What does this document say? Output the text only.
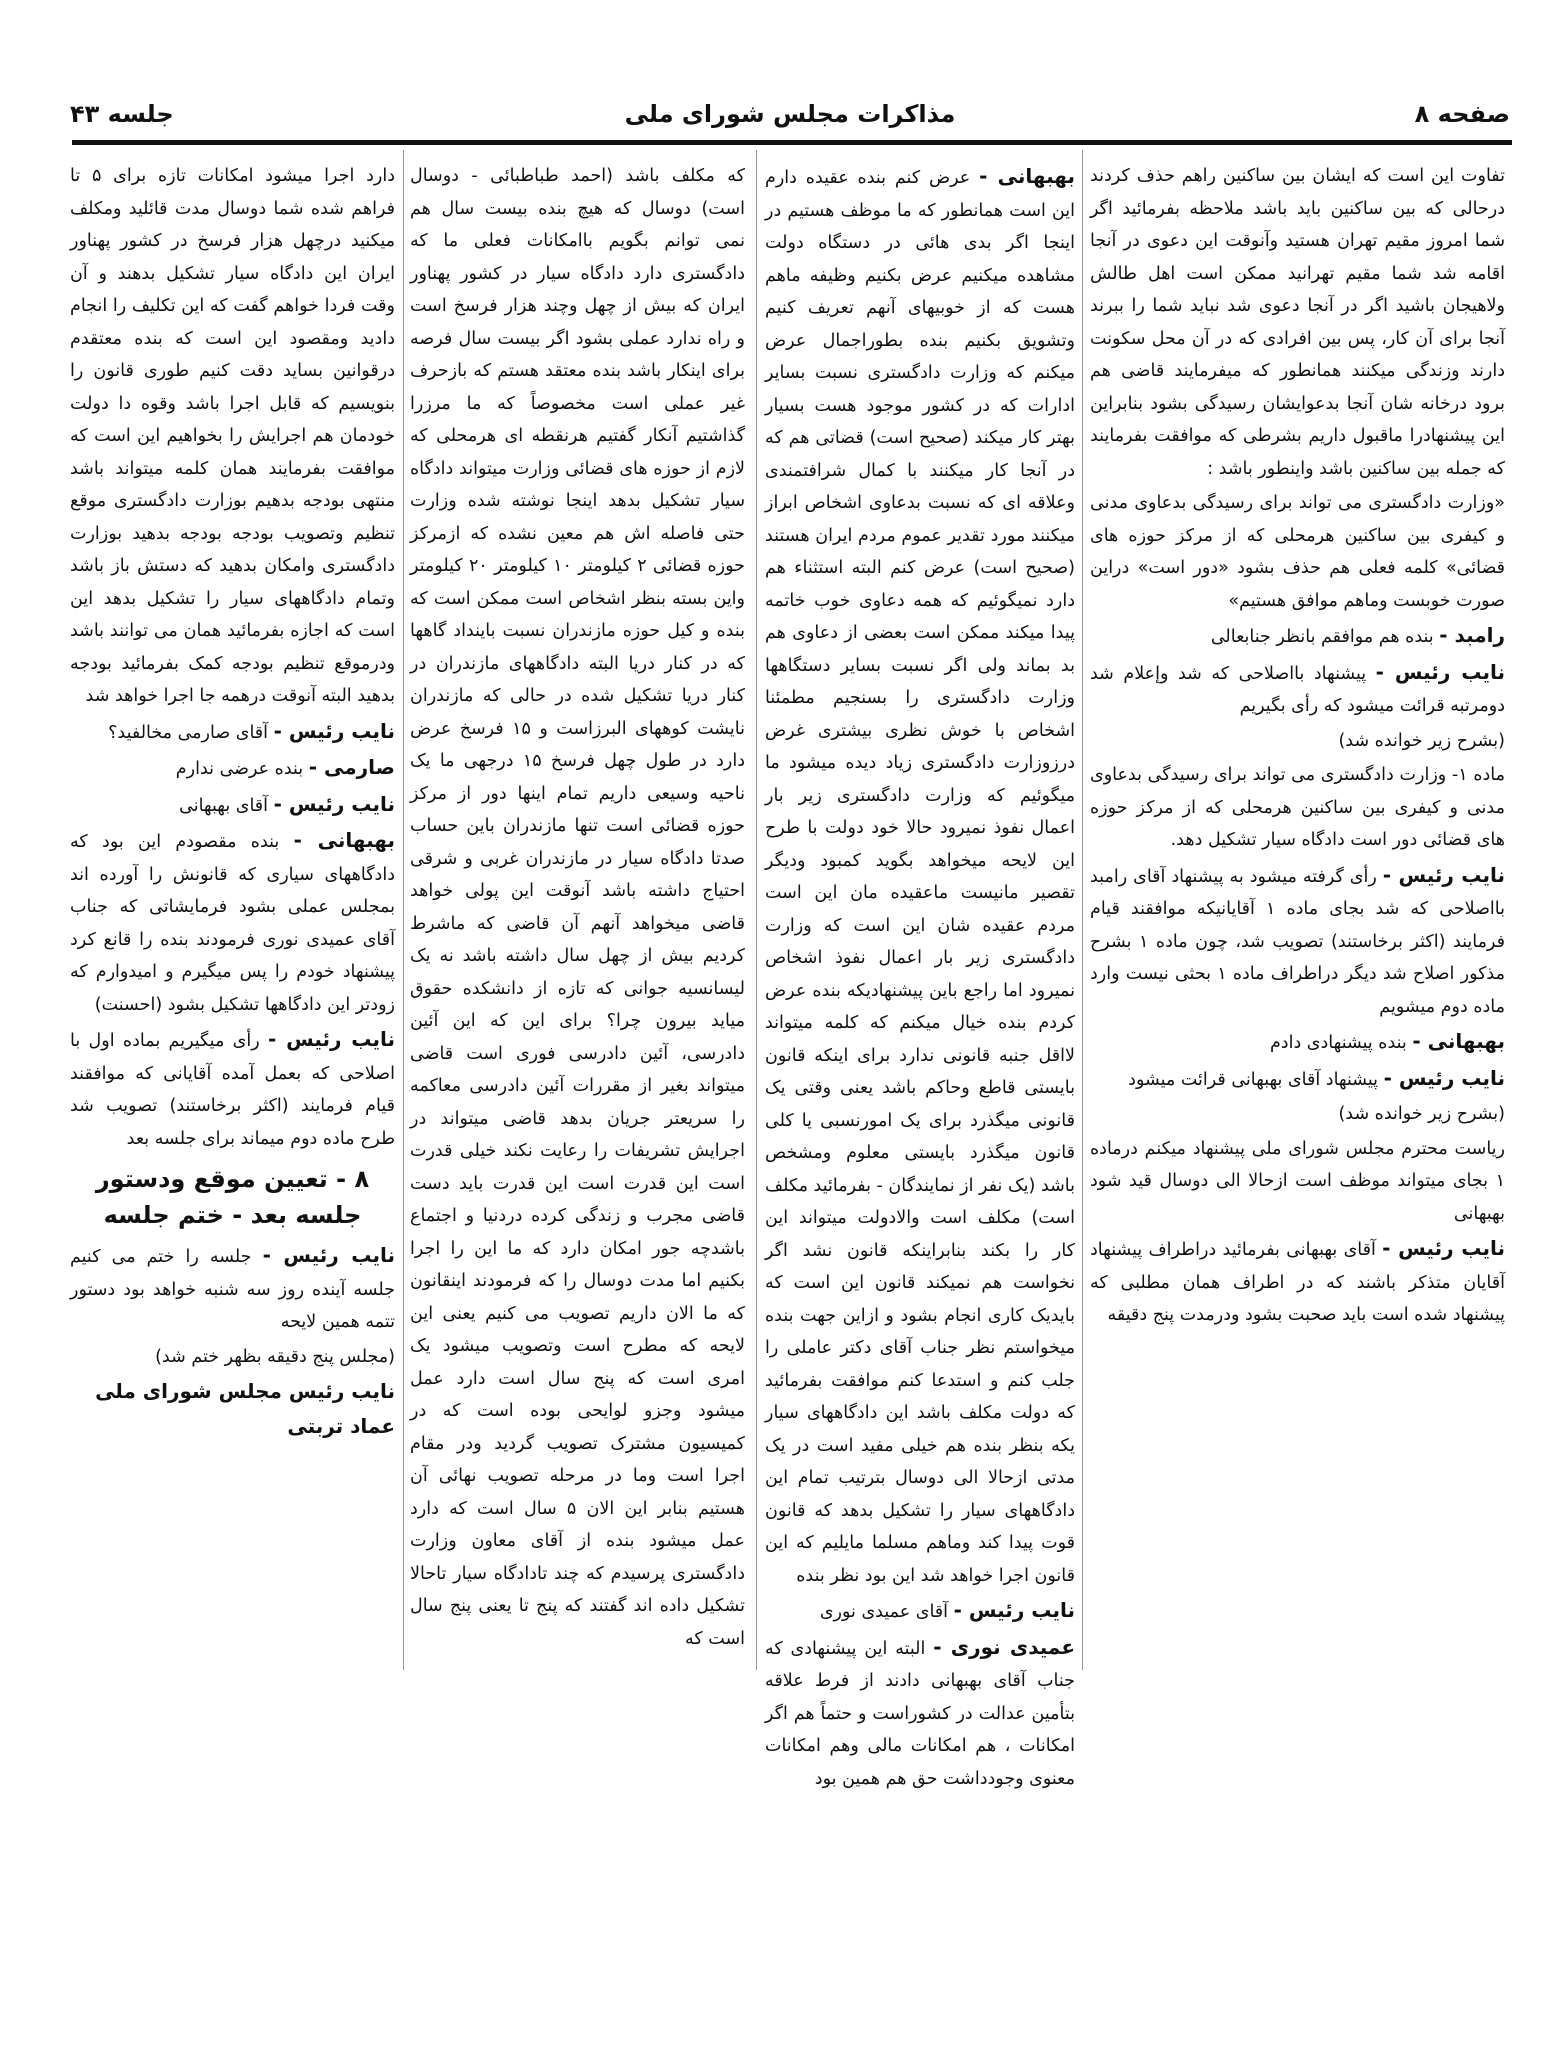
صفحه ۸
مذاکرات مجلس شورای ملی
جلسه ۴۳

تفاوت این است که ایشان بین ساکنین راهم حذف کردند درحالی که بین ساکنین باید باشد ملاحظه بفرمائید اگر شما امروز مقیم تهران هستید وآنوقت این دعوی در آنجا اقامه شد شما مقیم تهرانید ممکن است اهل طالش ولاهیجان باشید اگر در آنجا دعوی شد نباید شما را ببرند آنجا برای آن کار، پس بین افرادی که در آن محل سکونت دارند وزندگی میکنند همانطور که میفرمایند قاضی هم برود درخانه شان آنجا بدعوایشان رسیدگی بشود بنابراین این پیشنهادرا ماقبول داریم بشرطی که موافقت بفرمایند که جمله بین ساکنین باشد واینطور باشد :

«وزارت دادگستری می تواند برای رسیدگی بدعاوی مدنی و کیفری بین ساکنین هرمحلی که از مرکز حوزه های قضائی» کلمه فعلی هم حذف بشود «دور است» دراین صورت خوبست وماهم موافق هستیم»

رامبد - بنده هم موافقم بانظر جنابعالی

نایب رئیس - پیشنهاد بااصلاحی که شد وإعلام شد دومرتبه قرائت میشود که رأی بگیریم

(بشرح زیر خوانده شد)

ماده ۱- وزارت دادگستری می تواند برای رسیدگی بدعاوی مدنی و کیفری بین ساکنین هرمحلی که از مرکز حوزه های قضائی دور است دادگاه سیار تشکیل دهد.

نایب رئیس - رأی گرفته میشود به پیشنهاد آقای رامبد بااصلاحی که شد بجای ماده ۱ آقایانیکه موافقند قیام فرمایند (اکثر برخاستند) تصویب شد، چون ماده ۱ بشرح مذکور اصلاح شد دیگر دراطراف ماده ۱ بحثی نیست وارد ماده دوم میشویم

بهبهانی - بنده پیشنهادی دادم

نایب رئیس - پیشنهاد آقای بهبهانی قرائت میشود

(بشرح زیر خوانده شد)

ریاست محترم مجلس شورای ملی پیشنهاد میکنم درماده ۱ بجای میتواند موظف است ازحالا الی دوسال قید شود بهبهانی

نایب رئیس - آقای بهبهانی بفرمائید دراطراف پیشنهاد آقایان متذکر باشند که در اطراف همان مطلبی که پیشنهاد شده است باید صحبت بشود ودرمدت پنج دقیقه

بهبهانی - عرض کنم بنده عقیده دارم این است همانطور که ما موظف هستیم در اینجا اگر بدی هائی در دستگاه دولت مشاهده میکنیم عرض بکنیم وظیفه ماهم هست که از خوبیهای آنهم تعریف کنیم وتشویق بکنیم بنده بطوراجمال عرض میکنم که وزارت دادگستری نسبت بسایر ادارات که در کشور موجود هست بسیار بهتر کار میکند (صحیح است) قضاتی هم که در آنجا کار میکنند با کمال شرافتمندی وعلاقه ای که نسبت بدعاوی اشخاص ابراز میکنند مورد تقدیر عموم مردم ایران هستند (صحیح است) عرض کنم البته استثناء هم دارد نمیگوئیم که همه دعاوی خوب خاتمه پیدا میکند ممکن است بعضی از دعاوی هم بد بماند ولی اگر نسبت بسایر دستگاهها وزارت دادگستری را بسنجیم مطمئنا اشخاص با خوش نظری بیشتری غرض درزوزارت دادگستری زیاد دیده میشود ما میگوئیم که وزارت دادگستری زیر بار اعمال نفوذ نمیرود حالا خود دولت با طرح این لایحه میخواهد بگوید کمبود ودیگر تقصیر مانیست ماعقیده مان این است مردم عقیده شان این است که وزارت دادگستری زیر بار اعمال نفوذ اشخاص نمیرود اما راجع باین پیشنهادیکه بنده عرض کردم بنده خیال میکنم که کلمه میتواند لااقل جنبه قانونی ندارد برای اینکه قانون بایستی قاطع وحاکم باشد یعنی وقتی یک قانونی میگذرد برای یک امورنسبی یا کلی قانون میگذرد بایستی معلوم ومشخص باشد (یک نفر از نمایندگان - بفرمائید مکلف است) مکلف است والادولت میتواند این کار را بکند بنابراینکه قانون نشد اگر نخواست هم نمیکند قانون این است که بایدیک کاری انجام بشود و ازاین جهت بنده میخواستم نظر جناب آقای دکتر عاملی را جلب کنم و استدعا کنم موافقت بفرمائید که دولت مکلف باشد این دادگاههای سیار یکه بنظر بنده هم خیلی مفید است در یک مدتی ازحالا الی دوسال بترتیب تمام این دادگاههای سیار را تشکیل بدهد که قانون قوت پیدا کند وماهم مسلما مایلیم که این قانون اجرا خواهد شد این بود نظر بنده

نایب رئیس - آقای عمیدی نوری

عمیدی نوری - البته این پیشنهادی که جناب آقای بهبهانی دادند از فرط علاقه بتأمین عدالت در کشوراست و حتماً هم اگر امکانات ، هم امکانات مالی وهم امکانات معنوی وجودداشت حق هم همین بود

که مکلف باشد (احمد طباطبائی - دوسال است) دوسال که هیچ بنده بیست سال هم نمی توانم بگویم باامکانات فعلی ما که دادگستری دارد دادگاه سیار در کشور پهناور ایران که بیش از چهل وچند هزار فرسخ است و راه ندارد عملی بشود اگر بیست سال فرصه برای اینکار باشد بنده معتقد هستم که بازحرف غیر عملی است مخصوصاً که ما مرزرا گذاشتیم آنکار گفتیم هرنقطه ای هرمحلی که لازم از حوزه های قضائی وزارت میتواند دادگاه سیار تشکیل بدهد اینجا نوشته شده وزارت حتی فاصله اش هم معین نشده که ازمرکز حوزه قضائی ۲ کیلومتر ۱۰ کیلومتر ۲۰ کیلومتر واین بسته بنظر اشخاص است ممکن است که بنده و کیل حوزه مازندران نسبت باینداد گاهها که در کنار دریا البته دادگاههای مازندران در کنار دریا تشکیل شده در حالی که مازندران نایشت کوههای البرزاست و ۱۵ فرسخ عرض دارد در طول چهل فرسخ ۱۵ درجهی ما یک ناحیه وسیعی داریم تمام اینها دور از مرکز حوزه قضائی است تنها مازندران باین حساب صدتا دادگاه سیار در مازندران غربی و شرقی احتیاج داشته باشد آنوقت این پولی خواهد قاضی میخواهد آنهم آن قاضی که ماشرط کردیم بیش از چهل سال داشته باشد نه یک لیسانسیه جوانی که تازه از دانشکده حقوق میاید بیرون چرا؟ برای این که این آئین دادرسی، آئین دادرسی فوری است قاضی میتواند بغیر از مقررات آئین دادرسی معاکمه را سریعتر جریان بدهد قاضی میتواند در اجرایش تشریفات را رعایت نکند خیلی قدرت است این قدرت است این قدرت باید دست قاضی مجرب و زندگی کرده دردنیا و اجتماع باشدچه جور امکان دارد که ما این را اجرا بکنیم اما مدت دوسال را که فرمودند اینقانون که ما الان داریم تصویب می کنیم یعنی این لایحه که مطرح است وتصویب میشود یک امری است که پنج سال است دارد عمل میشود وجزو لوایحی بوده است که در کمیسیون مشترک تصویب گردید ودر مقام اجرا است وما در مرحله تصویب نهائی آن هستیم بنابر این الان ۵ سال است که دارد عمل میشود بنده از آقای معاون وزارت دادگستری پرسیدم که چند تادادگاه سیار تاحالا تشکیل داده اند گفتند که پنج تا یعنی پنج سال است که

دارد اجرا میشود امکانات تازه برای ۵ تا فراهم شده شما دوسال مدت قائلید ومکلف میکنید درچهل هزار فرسخ در کشور پهناور ایران این دادگاه سیار تشکیل بدهند و آن وقت فردا خواهم گفت که این تکلیف را انجام دادید ومقصود این است که بنده معتقدم درقوانین بساید دقت کنیم طوری قانون را بنویسیم که قابل اجرا باشد وقوه دا دولت خودمان هم اجرایش را بخواهیم این است که موافقت بفرمایند همان کلمه میتواند باشد منتهی بودجه بدهیم بوزارت دادگستری موقع تنظیم وتصویب بودجه بودجه بدهید بوزارت دادگستری وامکان بدهید که دستش باز باشد وتمام دادگاههای سیار را تشکیل بدهد این است که اجازه بفرمائید همان می توانند باشد ودرموقع تنظیم بودجه کمک بفرمائید بودجه بدهید البته آنوقت درهمه جا اجرا خواهد شد

نایب رئیس - آقای صارمی مخالفید؟

صارمی - بنده عرضی ندارم

نایب رئیس - آقای بهبهانی

بهبهانی - بنده مقصودم این بود که دادگاههای سیاری که قانونش را آورده اند بمجلس عملی بشود فرمایشاتی که جناب آقای عمیدی نوری فرمودند بنده را قانع کرد پیشنهاد خودم را پس میگیرم و امیدوارم که زودتر این دادگاهها تشکیل بشود (احسنت)

نایب رئیس - رأی میگیریم بماده اول با اصلاحی که بعمل آمده آقایانی که موافقند قیام فرمایند (اکثر برخاستند) تصویب شد طرح ماده دوم میماند برای جلسه بعد

۸ - تعیین موقع ودستور جلسه بعد - ختم جلسه

نایب رئیس - جلسه را ختم می کنیم جلسه آینده روز سه شنبه خواهد بود دستور تتمه همین لایحه

(مجلس پنج دقیقه بظهر ختم شد)

نایب رئیس مجلس شورای ملی

عماد تربتی
